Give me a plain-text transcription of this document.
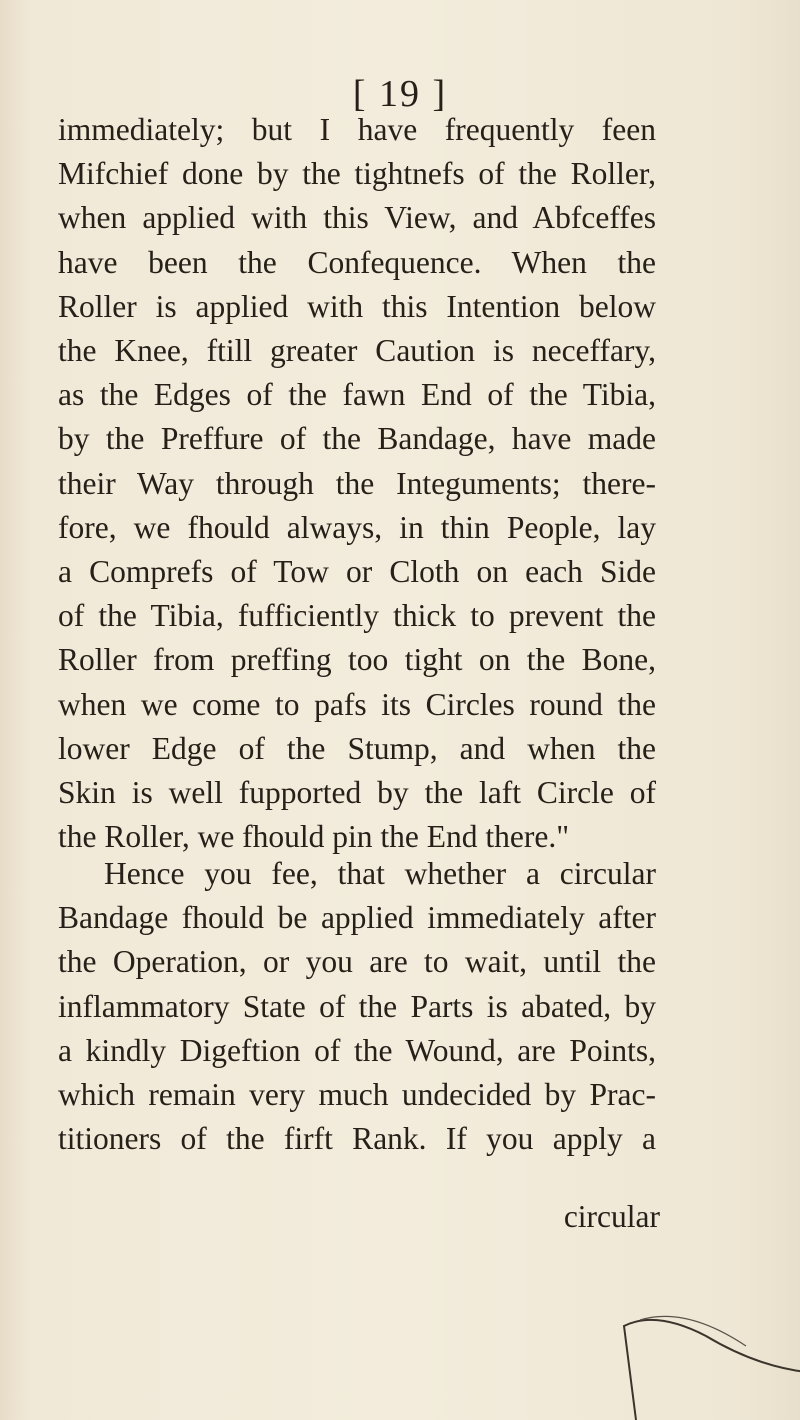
[ 19 ]
immediately; but I have frequently feen
Mifchief done by the tightnefs of the Roller,
when applied with this View, and Abfceffes
have been the Confequence. When the
Roller is applied with this Intention below
the Knee, ftill greater Caution is neceffary,
as the Edges of the fawn End of the Tibia,
by the Preffure of the Bandage, have made
their Way through the Integuments; there-
fore, we fhould always, in thin People, lay
a Comprefs of Tow or Cloth on each Side
of the Tibia, fufficiently thick to prevent the
Roller from preffing too tight on the Bone,
when we come to pafs its Circles round the
lower Edge of the Stump, and when the
Skin is well fupported by the laft Circle of
the Roller, we fhould pin the End there."
Hence you fee, that whether a circular
Bandage fhould be applied immediately after
the Operation, or you are to wait, until the
inflammatory State of the Parts is abated, by
a kindly Digeftion of the Wound, are Points,
which remain very much undecided by Prac-
titioners of the firft Rank. If you apply a
circular
